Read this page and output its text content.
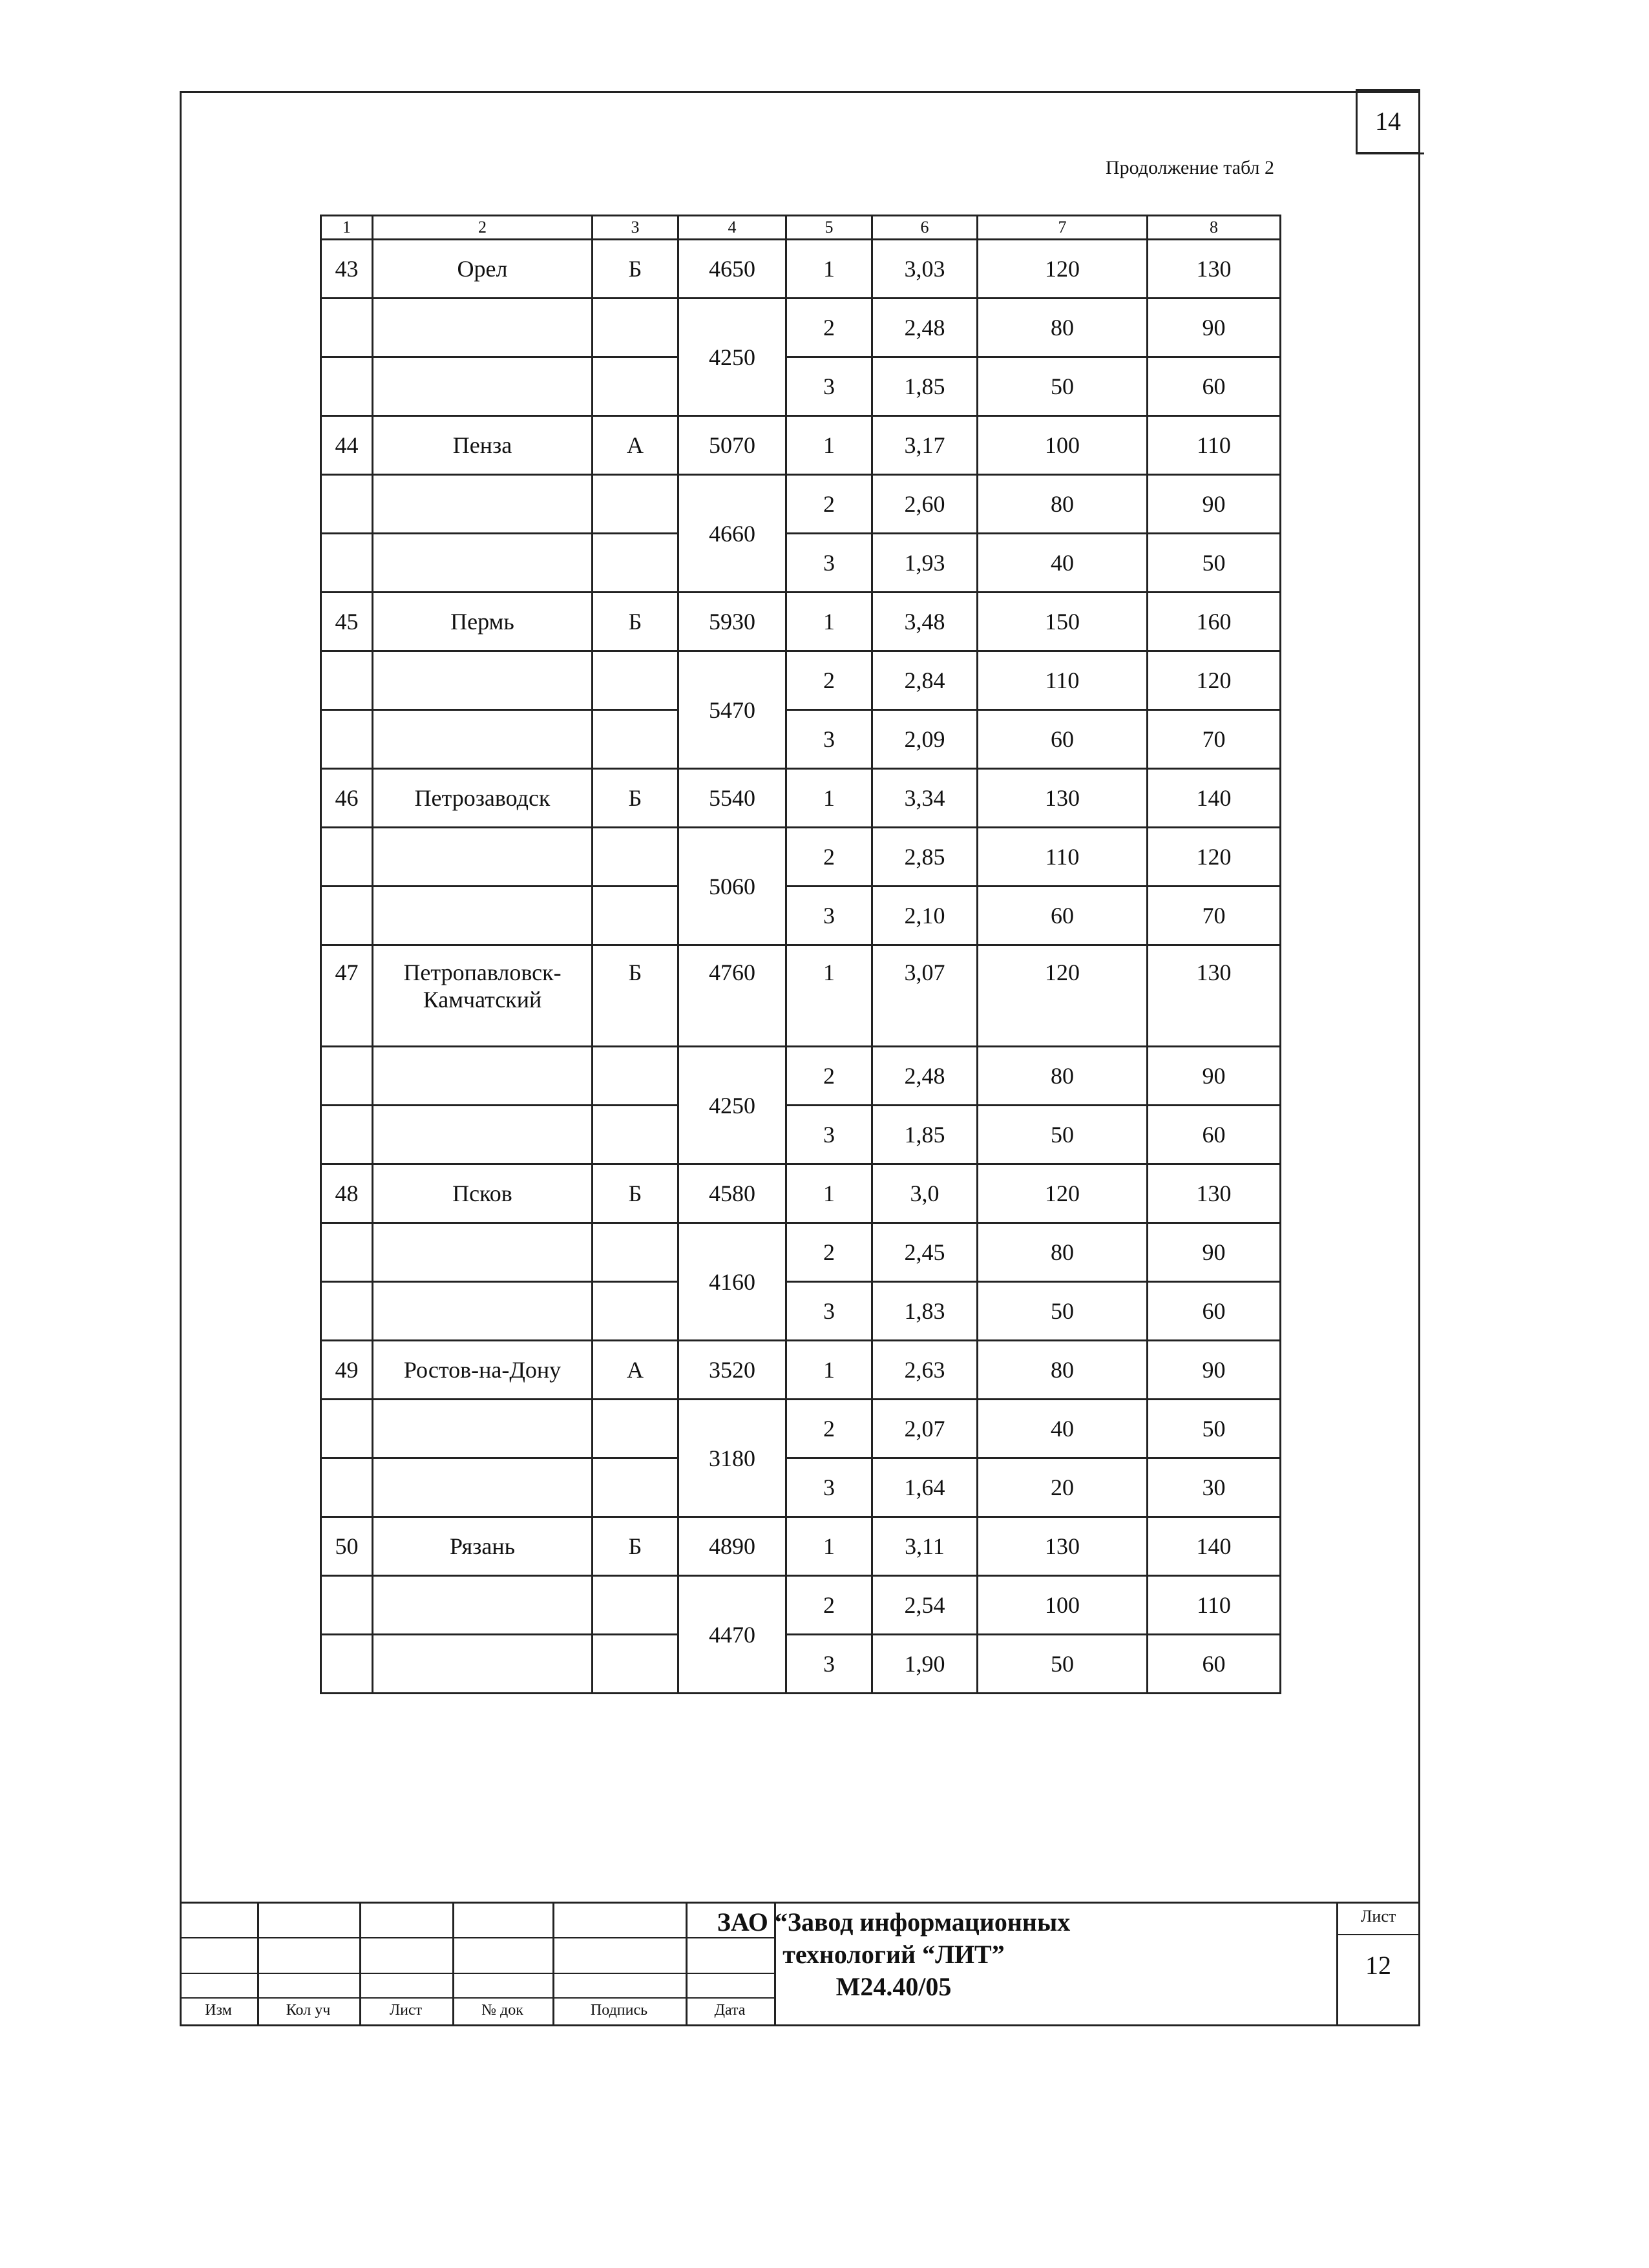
14
Продолжение табл 2
1	2	3	4	5	6	7	8
43	Орел	Б	4650	1	3,03	120	130
			4250	2	2,48	80	90
				3	1,85	50	60
44	Пенза	А	5070	1	3,17	100	110
			4660	2	2,60	80	90
				3	1,93	40	50
45	Пермь	Б	5930	1	3,48	150	160
			5470	2	2,84	110	120
				3	2,09	60	70
46	Петрозаводск	Б	5540	1	3,34	130	140
			5060	2	2,85	110	120
				3	2,10	60	70
47	Петропавловск-Камчатский	Б	4760	1	3,07	120	130
			4250	2	2,48	80	90
				3	1,85	50	60
48	Псков	Б	4580	1	3,0	120	130
			4160	2	2,45	80	90
				3	1,83	50	60
49	Ростов-на-Дону	А	3520	1	2,63	80	90
			3180	2	2,07	40	50
				3	1,64	20	30
50	Рязань	Б	4890	1	3,11	130	140
			4470	2	2,54	100	110
				3	1,90	50	60
Изм	Кол уч	Лист	№ док	Подпись	Дата
ЗАО “Завод информационных
технологий “ЛИТ”
М24.40/05
Лист
12
